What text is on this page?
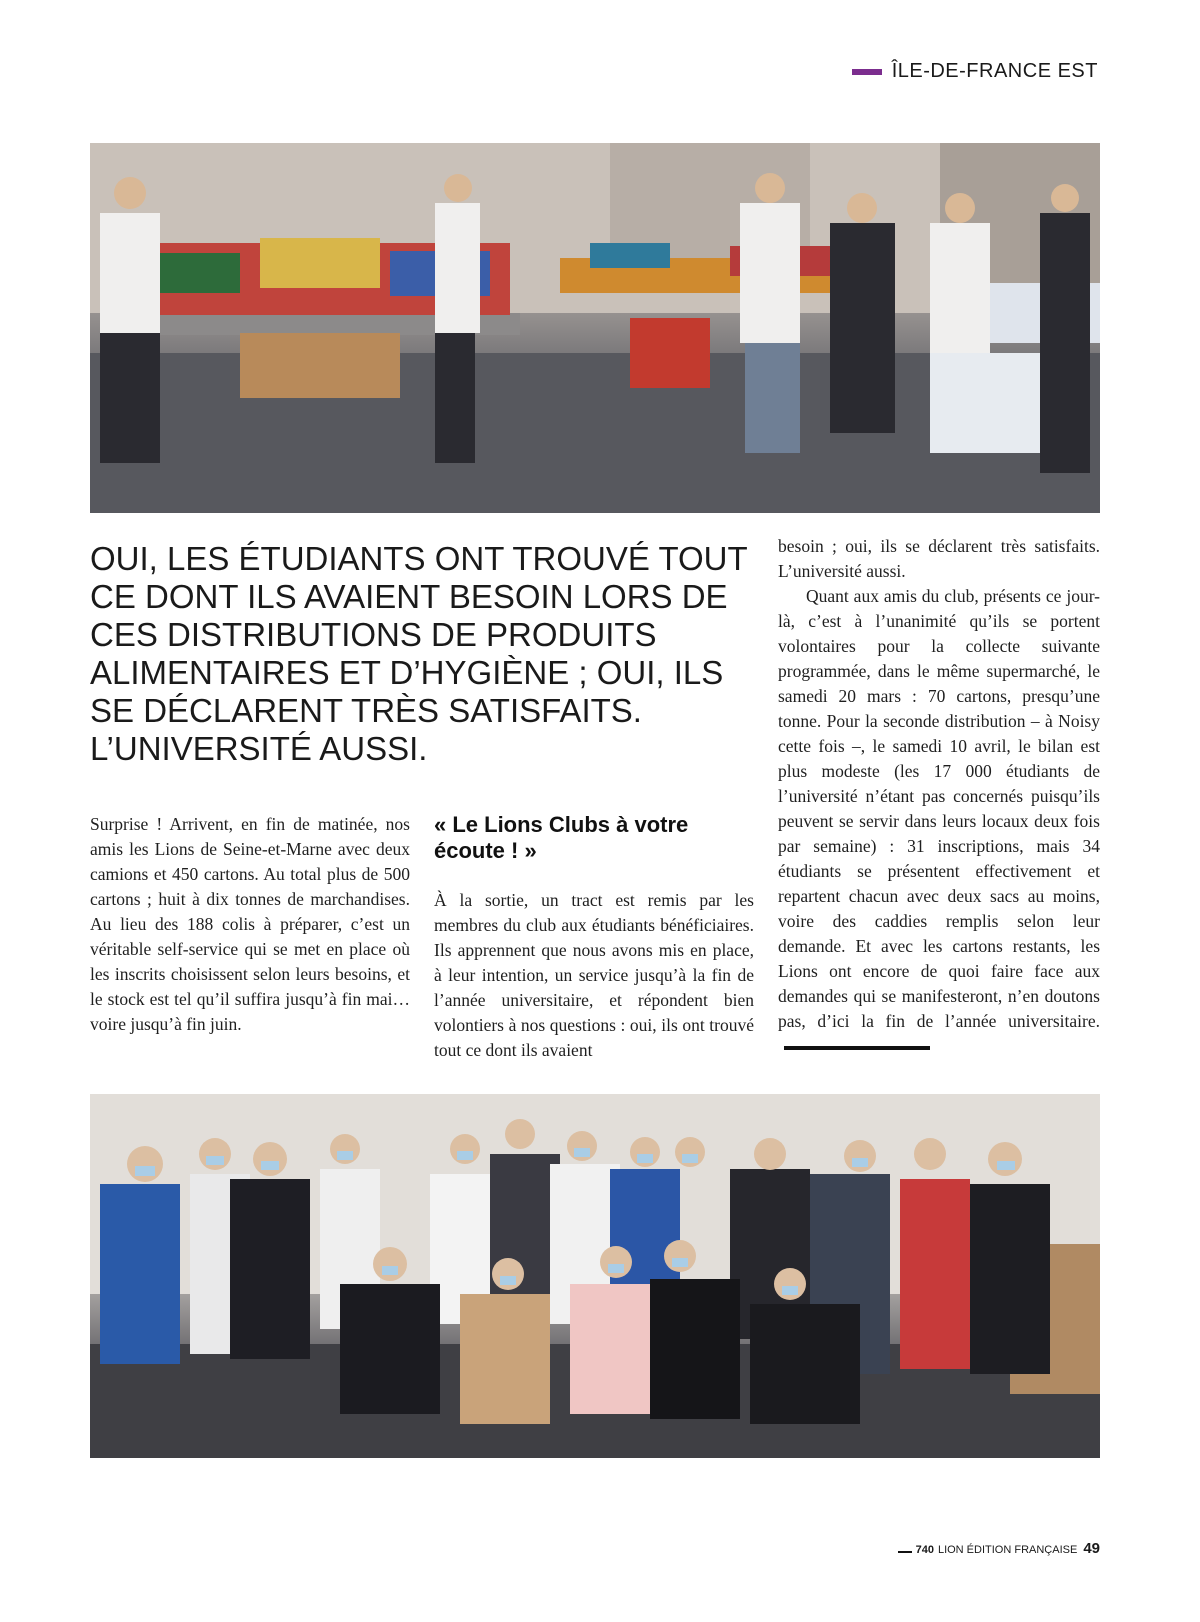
ÎLE-DE-FRANCE EST
OUI, LES ÉTUDIANTS ONT TROUVÉ TOUT CE DONT ILS AVAIENT BESOIN LORS DE CES DISTRIBUTIONS DE PRODUITS ALIMENTAIRES ET D’HYGIÈNE ; OUI, ILS SE DÉCLARENT TRÈS SATISFAITS. L’UNIVERSITÉ AUSSI.

Surprise ! Arrivent, en fin de matinée, nos amis les Lions de Seine-et-Marne avec deux camions et 450 cartons. Au total plus de 500 cartons ; huit à dix tonnes de marchandises. Au lieu des 188 colis à préparer, c’est un véritable self-service qui se met en place où les inscrits choisissent selon leurs besoins, et le stock est tel qu’il suffira jusqu’à fin mai… voire jusqu’à fin juin.

« Le Lions Clubs à votre écoute ! »

À la sortie, un tract est remis par les membres du club aux étudiants bénéficiaires. Ils apprennent que nous avons mis en place, à leur intention, un service jusqu’à la fin de l’année universitaire, et répondent bien volontiers à nos questions : oui, ils ont trouvé tout ce dont ils avaient

besoin ; oui, ils se déclarent très satisfaits. L’université aussi.

Quant aux amis du club, présents ce jour-là, c’est à l’unanimité qu’ils se portent volontaires pour la collecte suivante programmée, dans le même supermarché, le samedi 20 mars : 70 cartons, presqu’une tonne. Pour la seconde distribution – à Noisy cette fois –, le samedi 10 avril, le bilan est plus modeste (les 17 000 étudiants de l’université n’étant pas concernés puisqu’ils peuvent se servir dans leurs locaux deux fois par semaine) : 31 inscriptions, mais 34 étudiants se présentent effectivement et repartent chacun avec deux sacs au moins, voire des caddies remplis selon leur demande. Et avec les cartons restants, les Lions ont encore de quoi faire face aux demandes qui se manifesteront, n’en doutons pas, d’ici la fin de l’année universitaire.

740 LION ÉDITION FRANÇAISE 49
